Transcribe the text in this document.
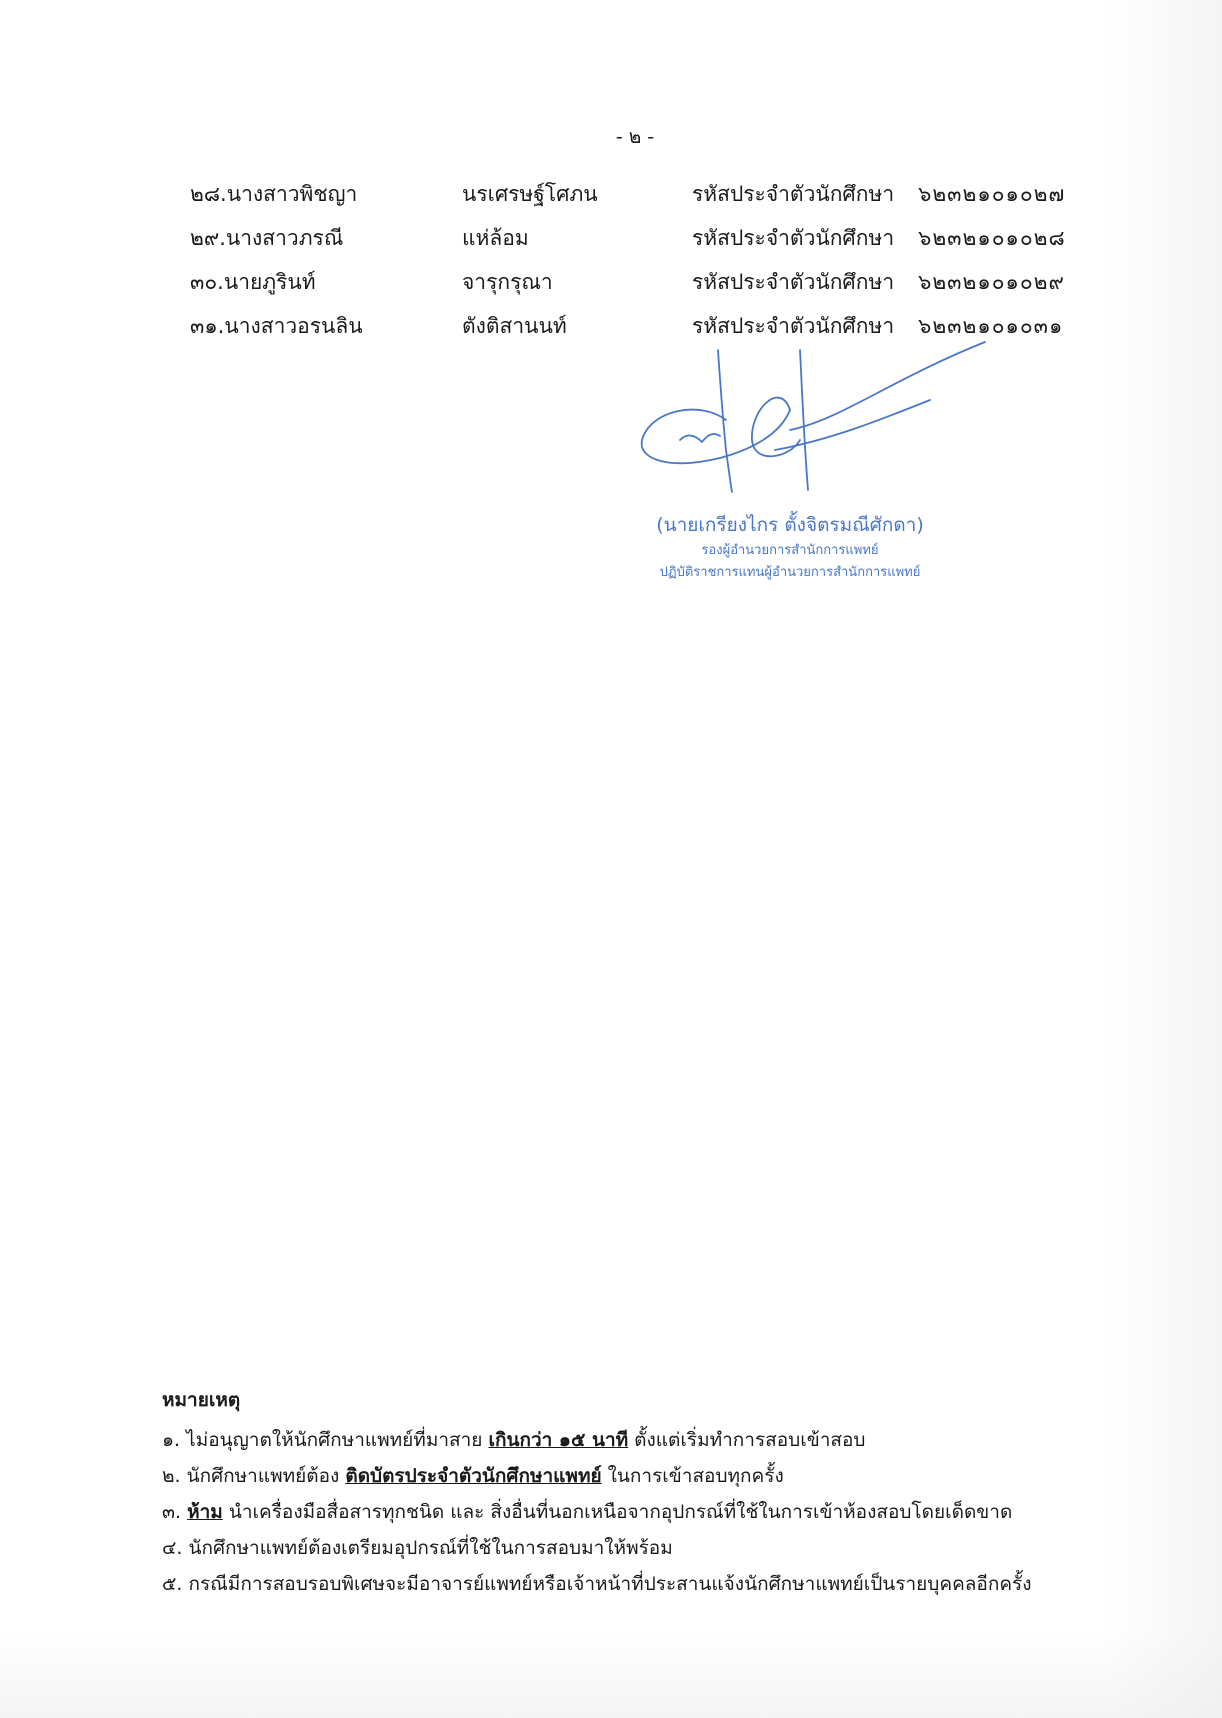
- ๒ -
๒๘.นางสาวพิชญา	นรเศรษฐ์โศภน	รหัสประจำตัวนักศึกษา ๖๒๓๒๑๐๑๐๒๗
๒๙.นางสาวภรณี	แห่ล้อม	รหัสประจำตัวนักศึกษา ๖๒๓๒๑๐๑๐๒๘
๓๐.นายภูรินท์	จารุกรุณา	รหัสประจำตัวนักศึกษา ๖๒๓๒๑๐๑๐๒๙
๓๑.นางสาวอรนลิน	ตังติสานนท์	รหัสประจำตัวนักศึกษา ๖๒๓๒๑๐๑๐๓๑
(นายเกรียงไกร ตั้งจิตรมณีศักดา)
รองผู้อำนวยการสำนักการแพทย์
ปฏิบัติราชการแทนผู้อำนวยการสำนักการแพทย์
หมายเหตุ
๑. ไม่อนุญาตให้นักศึกษาแพทย์ที่มาสาย เกินกว่า ๑๕ นาที ตั้งแต่เริ่มทำการสอบเข้าสอบ
๒. นักศึกษาแพทย์ต้อง ติดบัตรประจำตัวนักศึกษาแพทย์ ในการเข้าสอบทุกครั้ง
๓. ห้าม นำเครื่องมือสื่อสารทุกชนิด และ สิ่งอื่นที่นอกเหนือจากอุปกรณ์ที่ใช้ในการเข้าห้องสอบโดยเด็ดขาด
๔. นักศึกษาแพทย์ต้องเตรียมอุปกรณ์ที่ใช้ในการสอบมาให้พร้อม
๕. กรณีมีการสอบรอบพิเศษจะมีอาจารย์แพทย์หรือเจ้าหน้าที่ประสานแจ้งนักศึกษาแพทย์เป็นรายบุคคลอีกครั้ง
